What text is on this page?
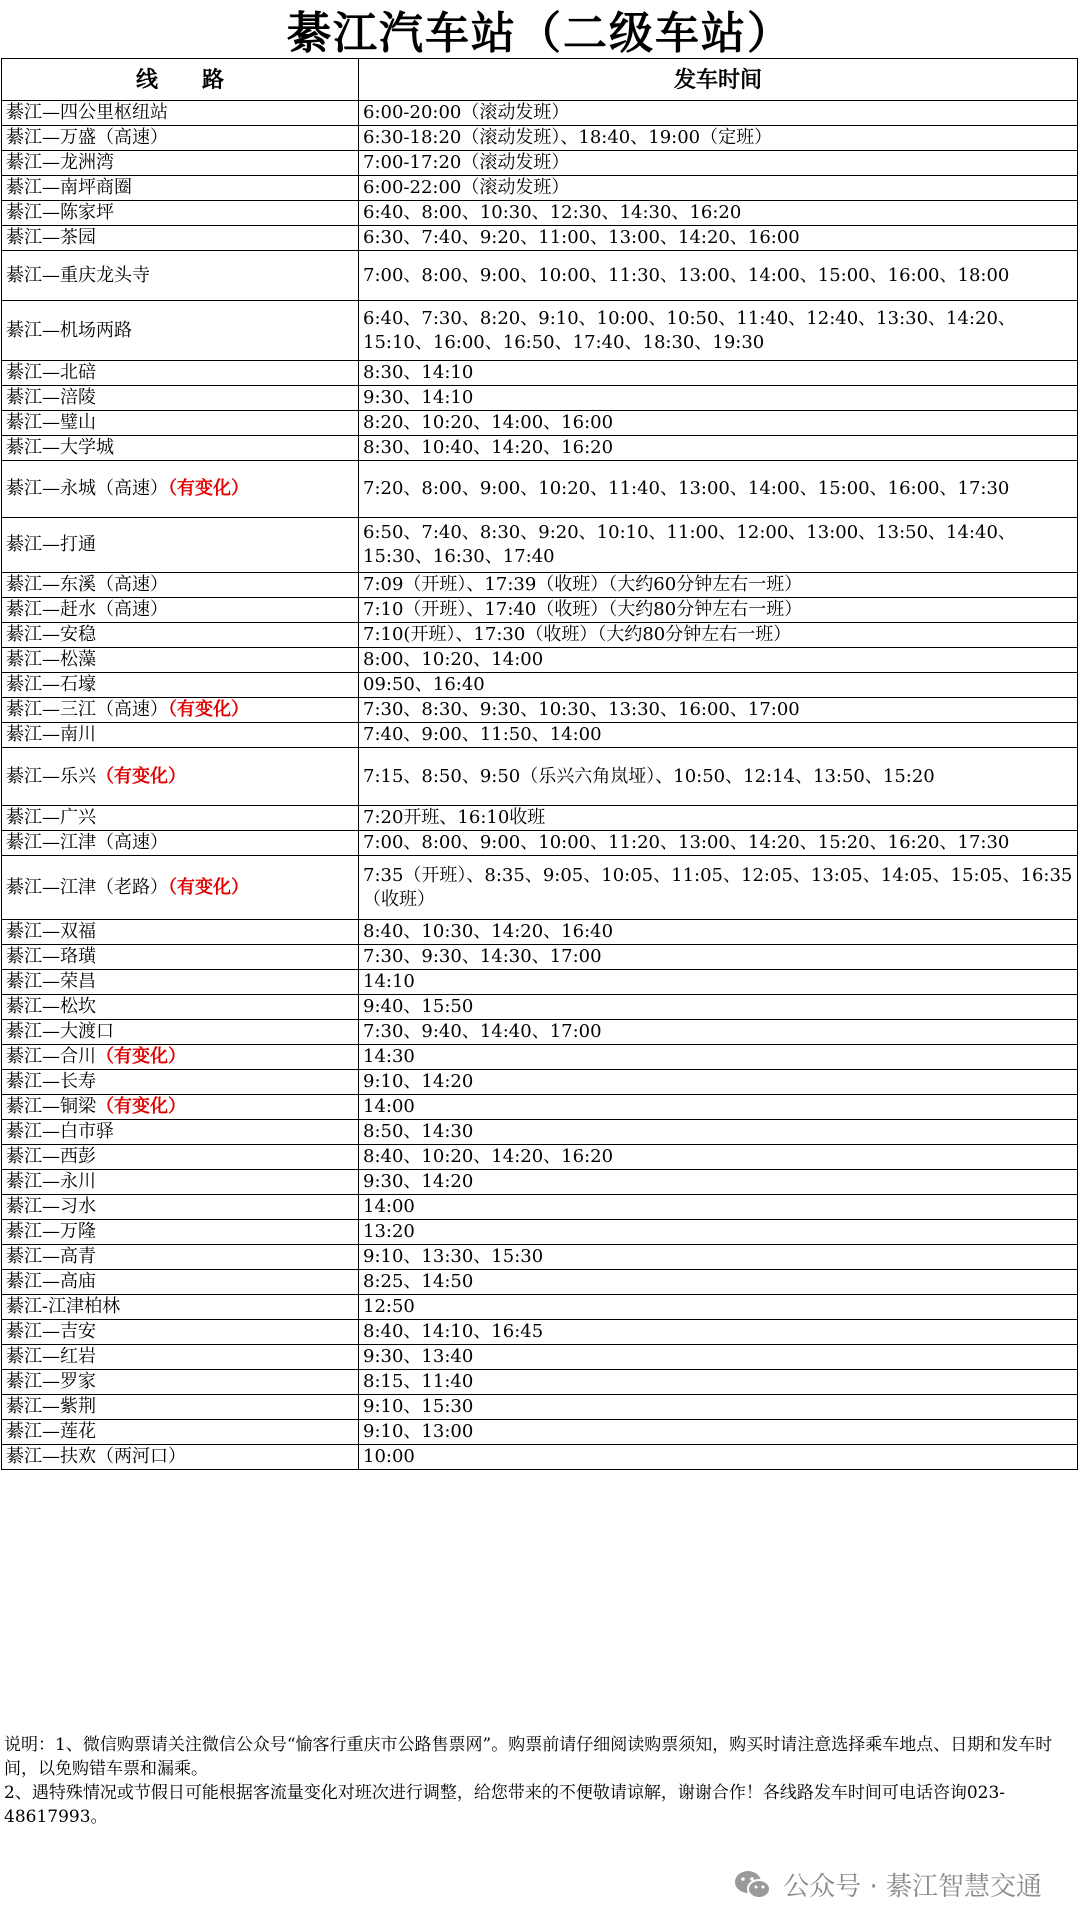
綦江汽车站（二级车站）
线　　路	发车时间
綦江—四公里枢纽站	6:00-20:00（滚动发班）
綦江—万盛（高速）	6:30-18:20（滚动发班）、18:40、19:00（定班）
綦江—龙洲湾	7:00-17:20（滚动发班）
綦江—南坪商圈	6:00-22:00（滚动发班）
綦江—陈家坪	6:40、8:00、10:30、12:30、14:30、16:20
綦江—茶园	6:30、7:40、9:20、11:00、13:00、14:20、16:00
綦江—重庆龙头寺	7:00、8:00、9:00、10:00、11:30、13:00、14:00、15:00、16:00、18:00
綦江—机场两路	6:40、7:30、8:20、9:10、10:00、10:50、11:40、12:40、13:30、14:20、15:10、16:00、16:50、17:40、18:30、19:30
綦江—北碚	8:30、14:10
綦江—涪陵	9:30、14:10
綦江—璧山	8:20、10:20、14:00、16:00
綦江—大学城	8:30、10:40、14:20、16:20
綦江—永城（高速）（有变化）	7:20、8:00、9:00、10:20、11:40、13:00、14:00、15:00、16:00、17:30
綦江—打通	6:50、7:40、8:30、9:20、10:10、11:00、12:00、13:00、13:50、14:40、15:30、16:30、17:40
綦江—东溪（高速）	7:09（开班）、17:39（收班）（大约60分钟左右一班）
綦江—赶水（高速）	7:10（开班）、17:40（收班）（大约80分钟左右一班）
綦江—安稳	7:10(开班）、17:30（收班）（大约80分钟左右一班）
綦江—松藻	8:00、10:20、14:00
綦江—石壕	09:50、16:40
綦江—三江（高速）（有变化）	7:30、8:30、9:30、10:30、13:30、16:00、17:00
綦江—南川	7:40、9:00、11:50、14:00
綦江—乐兴（有变化）	7:15、8:50、9:50（乐兴六角岚垭）、10:50、12:14、13:50、15:20
綦江—广兴	7:20开班、16:10收班
綦江—江津（高速）	7:00、8:00、9:00、10:00、11:20、13:00、14:20、15:20、16:20、17:30
綦江—江津（老路）（有变化）	7:35（开班）、8:35、9:05、10:05、11:05、12:05、13:05、14:05、15:05、16:35（收班）
綦江—双福	8:40、10:30、14:20、16:40
綦江—珞璜	7:30、9:30、14:30、17:00
綦江—荣昌	14:10
綦江—松坎	9:40、15:50
綦江—大渡口	7:30、9:40、14:40、17:00
綦江—合川（有变化）	14:30
綦江—长寿	9:10、14:20
綦江—铜梁（有变化）	14:00
綦江—白市驿	8:50、14:30
綦江—西彭	8:40、10:20、14:20、16:20
綦江—永川	9:30、14:20
綦江—习水	14:00
綦江—万隆	13:20
綦江—高青	9:10、13:30、15:30
綦江—高庙	8:25、14:50
綦江-江津柏林	12:50
綦江—吉安	8:40、14:10、16:45
綦江—红岩	9:30、13:40
綦江—罗家	8:15、11:40
綦江—紫荆	9:10、15:30
綦江—莲花	9:10、13:00
綦江—扶欢（两河口）	10:00
说明：1、微信购票请关注微信公众号“愉客行重庆市公路售票网”。购票前请仔细阅读购票须知，购买时请注意选择乘车地点、日期和发车时间，以免购错车票和漏乘。
2、遇特殊情况或节假日可能根据客流量变化对班次进行调整，给您带来的不便敬请谅解，谢谢合作！各线路发车时间可电话咨询023-48617993。
公众号 · 綦江智慧交通
